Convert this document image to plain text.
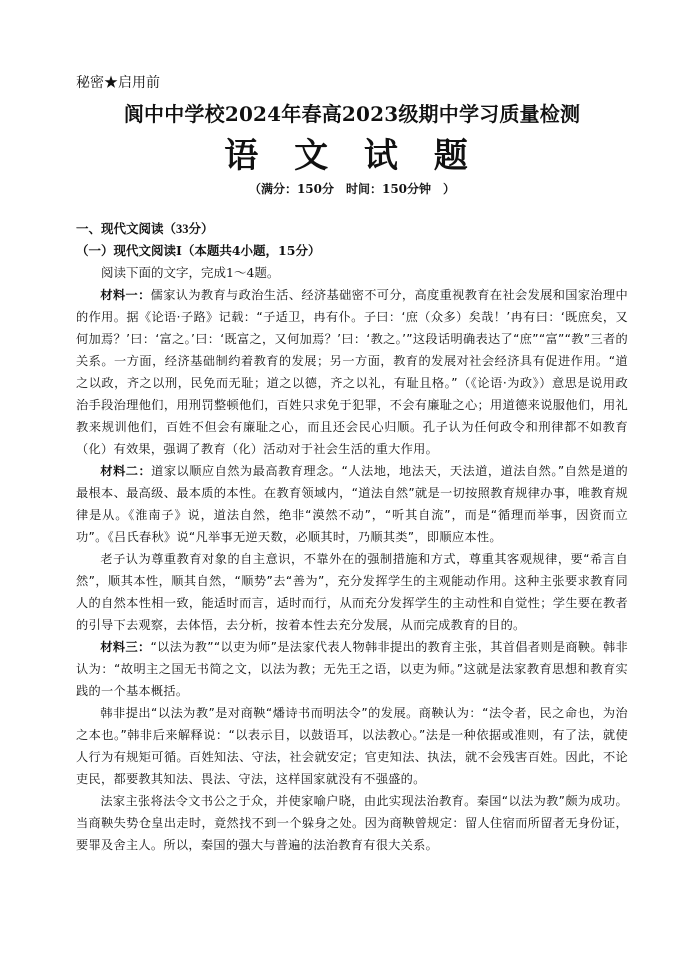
秘密★启用前

阆中中学校2024年春高2023级期中学习质量检测
语 文 试 题

（满分：150分　时间：150分钟　）

一、现代文阅读（33分）

（一）现代文阅读Ⅰ（本题共4小题，15分）

阅读下面的文字，完成1～4题。

材料一：儒家认为教育与政治生活、经济基础密不可分，高度重视教育在社会发展和国家治理中的作用。据《论语·子路》记载：“子适卫，冉有仆。子曰：‘庶（众多）矣哉！’冉有曰：‘既庶矣，又何加焉？’曰：‘富之。’曰：‘既富之，又何加焉？’曰：‘教之。’”这段话明确表达了“庶”“富”“教”三者的关系。一方面，经济基础制约着教育的发展；另一方面，教育的发展对社会经济具有促进作用。“道之以政，齐之以刑，民免而无耻；道之以德，齐之以礼，有耻且格。”（《论语·为政》）意思是说用政治手段治理他们，用刑罚整顿他们，百姓只求免于犯罪，不会有廉耻之心；用道德来说服他们，用礼教来规训他们，百姓不但会有廉耻之心，而且还会民心归顺。孔子认为任何政令和刑律都不如教育（化）有效果，强调了教育（化）活动对于社会生活的重大作用。

材料二：道家以顺应自然为最高教育理念。“人法地，地法天，天法道，道法自然。”自然是道的最根本、最高级、最本质的本性。在教育领域内，“道法自然”就是一切按照教育规律办事，唯教育规律是从。《淮南子》说，道法自然，绝非“漠然不动”，“听其自流”，而是“循理而举事，因资而立功”。《吕氏春秋》说“凡举事无逆天数，必顺其时，乃顺其类”，即顺应本性。

老子认为尊重教育对象的自主意识，不靠外在的强制措施和方式，尊重其客观规律，要“希言自然”，顺其本性，顺其自然，“顺势”去“善为”，充分发挥学生的主观能动作用。这种主张要求教育同人的自然本性相一致，能适时而言，适时而行，从而充分发挥学生的主动性和自觉性；学生要在教者的引导下去观察，去体悟，去分析，按着本性去充分发展，从而完成教育的目的。

材料三：“以法为教”“以吏为师”是法家代表人物韩非提出的教育主张，其首倡者则是商鞅。韩非认为：“故明主之国无书简之文，以法为教；无先王之语，以吏为师。”这就是法家教育思想和教育实践的一个基本概括。

韩非提出“以法为教”是对商鞅“燔诗书而明法令”的发展。商鞅认为：“法令者，民之命也，为治之本也。”韩非后来解释说：“以表示目，以鼓语耳，以法教心。”法是一种依据或准则，有了法，就使人行为有规矩可循。百姓知法、守法，社会就安定；官吏知法、执法，就不会残害百姓。因此，不论吏民，都要教其知法、畏法、守法，这样国家就没有不强盛的。

法家主张将法令文书公之于众，并使家喻户晓，由此实现法治教育。秦国“以法为教”颇为成功。当商鞅失势仓皇出走时，竟然找不到一个躲身之处。因为商鞅曾规定：留人住宿而所留者无身份证，要罪及舍主人。所以，秦国的强大与普遍的法治教育有很大关系。
